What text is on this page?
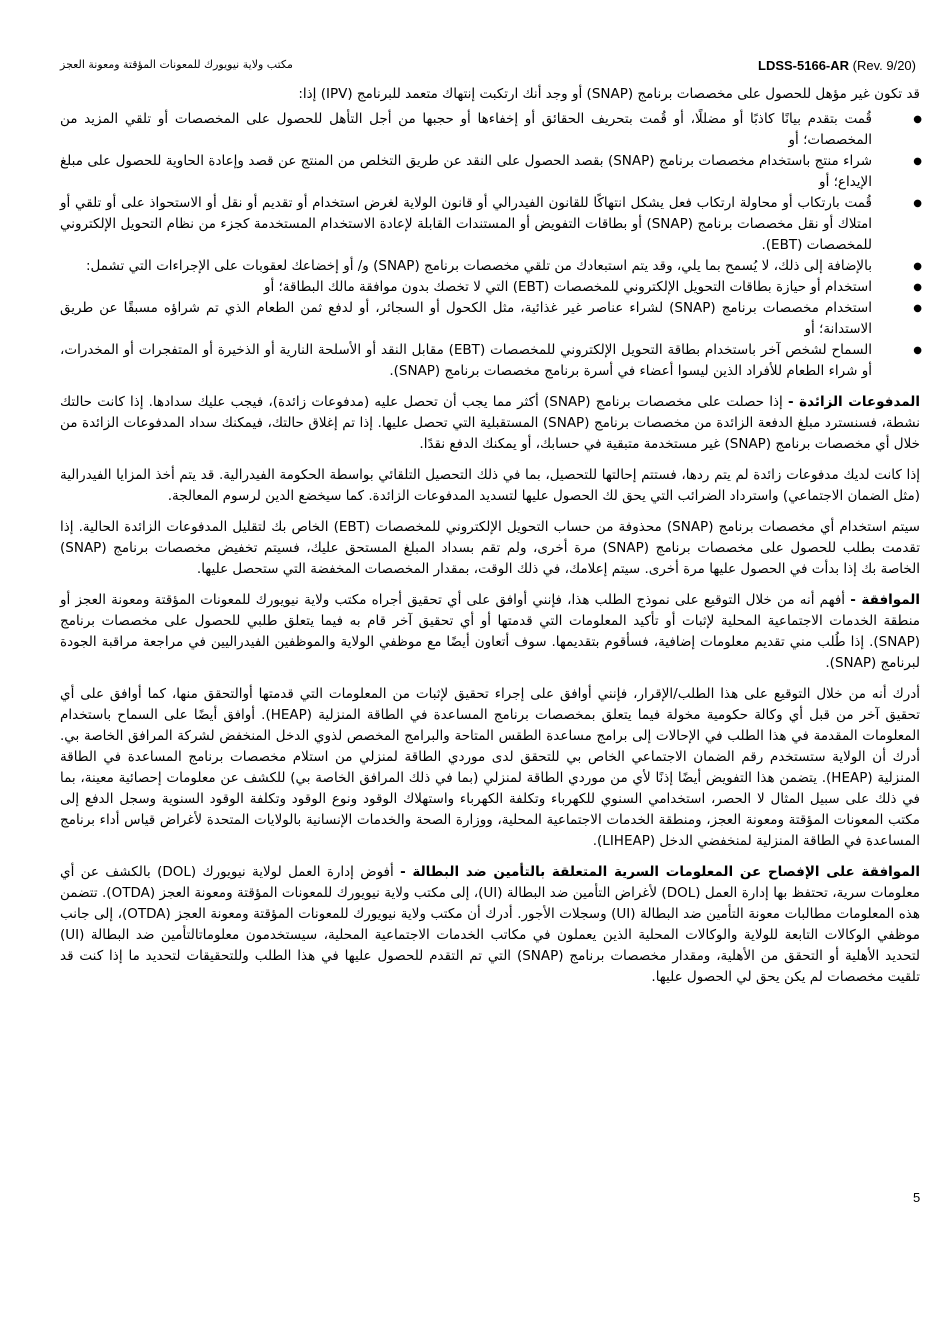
LDSS-5166-AR (Rev. 9/20)
مكتب ولاية نيويورك للمعونات المؤقتة ومعونة العجز

قد تكون غير مؤهل للحصول على مخصصات برنامج (SNAP) أو وجد أنك ارتكبت إنتهاك متعمد للبرنامج (IPV) إذا:

●
قُمت بتقدم بيانًا كاذبًا أو مضللًا، أو قُمت بتحريف الحقائق أو إخفاءها أو حجبها من أجل التأهل للحصول على المخصصات أو تلقي المزيد من المخصصات؛ أو
●
شراء منتج باستخدام مخصصات برنامج (SNAP) بقصد الحصول على النقد عن طريق التخلص من المنتج عن قصد وإعادة الحاوية للحصول على مبلغ الإيداع؛ أو
●
قُمت بارتكاب أو محاولة ارتكاب فعل يشكل انتهاكًا للقانون الفيدرالي أو قانون الولاية لغرض استخدام أو تقديم أو نقل أو الاستحواذ على أو تلقي أو امتلاك أو نقل مخصصات برنامج (SNAP) أو بطاقات التفويض أو المستندات القابلة لإعادة الاستخدام المستخدمة كجزء من نظام التحويل الإلكتروني للمخصصات (EBT).
●
بالإضافة إلى ذلك، لا يُسمح بما يلي، وقد يتم استبعادك من تلقي مخصصات برنامج (SNAP) و/ أو إخضاعك لعقوبات على الإجراءات التي تشمل:
●
استخدام أو حيازة بطاقات التحويل الإلكتروني للمخصصات (EBT) التي لا تخصك بدون موافقة مالك البطاقة؛ أو
●
استخدام مخصصات برنامج (SNAP) لشراء عناصر غير غذائية، مثل الكحول أو السجائر، أو لدفع ثمن الطعام الذي تم شراؤه مسبقًا عن طريق الاستدانة؛ أو
●
السماح لشخص آخر باستخدام بطاقة التحويل الإلكتروني للمخصصات (EBT) مقابل النقد أو الأسلحة النارية أو الذخيرة أو المتفجرات أو المخدرات، أو شراء الطعام للأفراد الذين ليسوا أعضاء في أسرة برنامج مخصصات برنامج (SNAP).

المدفوعات الزائدة - إذا حصلت على مخصصات برنامج (SNAP) أكثر مما يجب أن تحصل عليه (مدفوعات زائدة)، فيجب عليك سدادها. إذا كانت حالتك نشطة، فسنسترد مبلغ الدفعة الزائدة من مخصصات برنامج (SNAP) المستقبلية التي تحصل عليها. إذا تم إغلاق حالتك، فيمكنك سداد المدفوعات الزائدة من خلال أي مخصصات برنامج (SNAP) غير مستخدمة متبقية في حسابك، أو يمكنك الدفع نقدًا.

إذا كانت لديك مدفوعات زائدة لم يتم ردها، فستتم إحالتها للتحصيل، بما في ذلك التحصيل التلقائي بواسطة الحكومة الفيدرالية. قد يتم أخذ المزايا الفيدرالية (مثل الضمان الاجتماعي) واسترداد الضرائب التي يحق لك الحصول عليها لتسديد المدفوعات الزائدة. كما سيخضع الدين لرسوم المعالجة.

سيتم استخدام أي مخصصات برنامج (SNAP) محذوفة من حساب التحويل الإلكتروني للمخصصات (EBT) الخاص بك لتقليل المدفوعات الزائدة الحالية. إذا تقدمت بطلب للحصول على مخصصات برنامج (SNAP) مرة أخرى، ولم تقم بسداد المبلغ المستحق عليك، فسيتم تخفيض مخصصات برنامج (SNAP) الخاصة بك إذا بدأت في الحصول عليها مرة أخرى. سيتم إعلامك، في ذلك الوقت، بمقدار المخصصات المخفضة التي ستحصل عليها.

الموافقة - أفهم أنه من خلال التوقيع على نموذج الطلب هذا، فإنني أوافق على أي تحقيق أجراه مكتب ولاية نيويورك للمعونات المؤقتة ومعونة العجز أو منطقة الخدمات الاجتماعية المحلية لإثبات أو تأكيد المعلومات التي قدمتها أو أي تحقيق آخر قام به فيما يتعلق طلبي للحصول على مخصصات برنامج (SNAP). إذا طُلب مني تقديم معلومات إضافية، فسأقوم بتقديمها. سوف أتعاون أيضًا مع موظفي الولاية والموظفين الفيدراليين في مراجعة مراقبة الجودة لبرنامج (SNAP).

أدرك أنه من خلال التوقيع على هذا الطلب/الإقرار، فإنني أوافق على إجراء تحقيق لإثبات من المعلومات التي قدمتها أوالتحقق منها، كما أوافق على أي تحقيق آخر من قبل أي وكالة حكومية مخولة فيما يتعلق بمخصصات برنامج المساعدة في الطاقة المنزلية (HEAP). أوافق أيضًا على السماح باستخدام المعلومات المقدمة في هذا الطلب في الإحالات إلى برامج مساعدة الطقس المتاحة والبرامج المخصص لذوي الدخل المنخفض لشركة المرافق الخاصة بي. أدرك أن الولاية ستستخدم رقم الضمان الاجتماعي الخاص بي للتحقق لدى موردي الطاقة لمنزلي من استلام مخصصات برنامج المساعدة في الطاقة المنزلية (HEAP). يتضمن هذا التفويض أيضًا إذنًا لأي من موردي الطاقة لمنزلي (بما في ذلك المرافق الخاصة بي) للكشف عن معلومات إحصائية معينة، بما في ذلك على سبيل المثال لا الحصر، استخدامي السنوي للكهرباء وتكلفة الكهرباء واستهلاك الوقود ونوع الوقود وتكلفة الوقود السنوية وسجل الدفع إلى مكتب المعونات المؤقتة ومعونة العجز، ومنطقة الخدمات الاجتماعية المحلية، ووزارة الصحة والخدمات الإنسانية بالولايات المتحدة لأغراض قياس أداء برنامج المساعدة في الطاقة المنزلية لمنخفضي الدخل (LIHEAP).

الموافقة على الإفصاح عن المعلومات السرية المتعلقة بالتأمين ضد البطالة - أفوض إدارة العمل لولاية نيويورك (DOL) بالكشف عن أي معلومات سرية، تحتفظ بها إدارة العمل (DOL) لأغراض التأمين ضد البطالة (UI)، إلى مكتب ولاية نيويورك للمعونات المؤقتة ومعونة العجز (OTDA). تتضمن هذه المعلومات مطالبات معونة التأمين ضد البطالة (UI) وسجلات الأجور. أدرك أن مكتب ولاية نيويورك للمعونات المؤقتة ومعونة العجز (OTDA)، إلى جانب موظفي الوكالات التابعة للولاية والوكالات المحلية الذين يعملون في مكاتب الخدمات الاجتماعية المحلية، سيستخدمون معلوماتالتأمين ضد البطالة (UI) لتحديد الأهلية أو التحقق من الأهلية، ومقدار مخصصات برنامج (SNAP) التي تم التقدم للحصول عليها في هذا الطلب وللتحقيقات لتحديد ما إذا كنت قد تلقيت مخصصات لم يكن يحق لي الحصول عليها.

5
